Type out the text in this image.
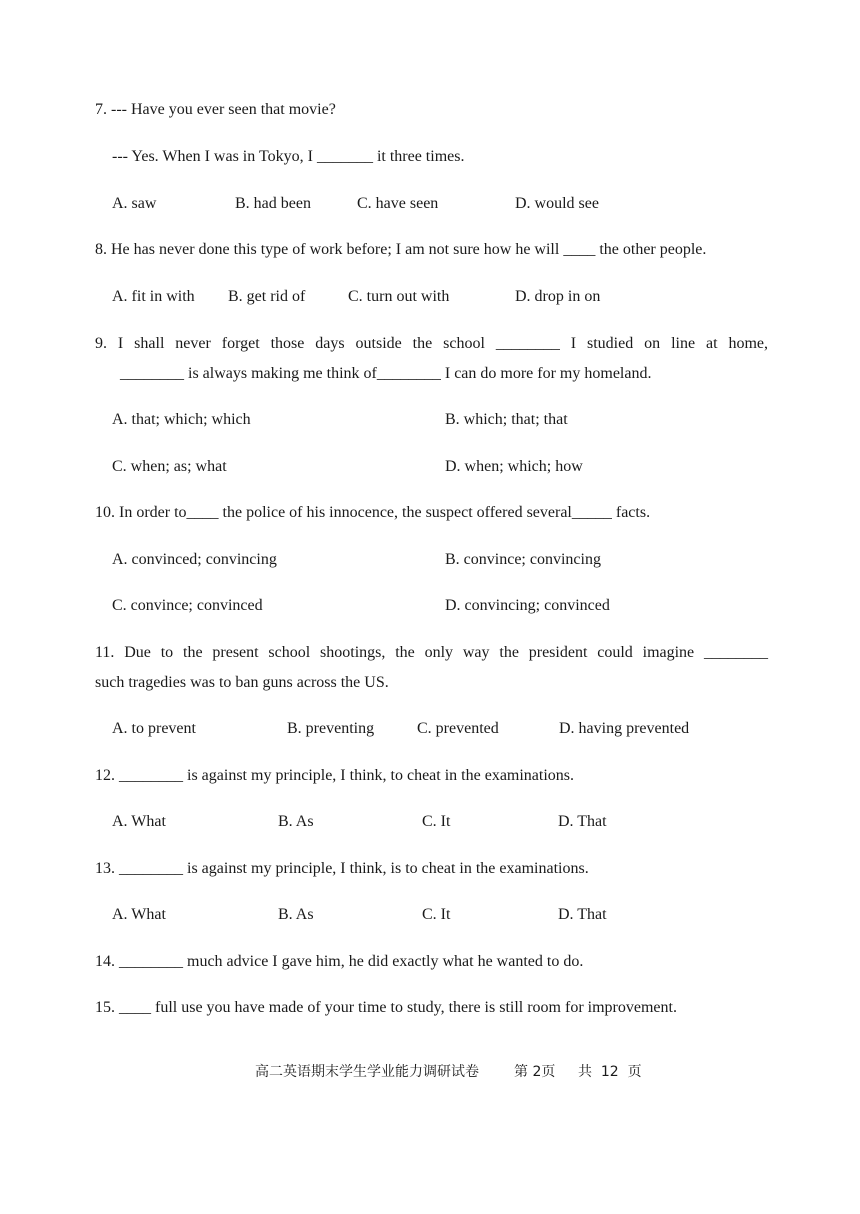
7. --- Have you ever seen that movie?
--- Yes. When I was in Tokyo, I _______ it three times.
A. saw	B. had been	C. have seen	D. would see
8. He has never done this type of work before; I am not sure how he will ____ the other people.
A. fit in with B. get rid of	C. turn out with	D. drop in on
9. I shall never forget those days outside the school ________ I studied on line at home,
________ is always making me think of________ I can do more for my homeland.
A. that; which; which	B. which; that; that
C. when; as; what	D. when; which; how
10. In order to____ the police of his innocence, the suspect offered several_____ facts.
A. convinced; convincing	B. convince; convincing
C. convince; convinced	D. convincing; convinced
11. Due to the present school shootings, the only way the president could imagine ________
such tragedies was to ban guns across the US.
A. to prevent	B. preventing	C. prevented	D. having prevented
12. ________ is against my principle, I think, to cheat in the examinations.
A. What	B. As	C. It	D. That
13. ________ is against my principle, I think, is to cheat in the examinations.
A. What	B. As	C. It	D. That
14. ________ much advice I gave him, he did exactly what he wanted to do.
15. ____ full use you have made of your time to study, there is still room for improvement.
高二英语期末学生学业能力调研试卷	第 2页 共  12  页
